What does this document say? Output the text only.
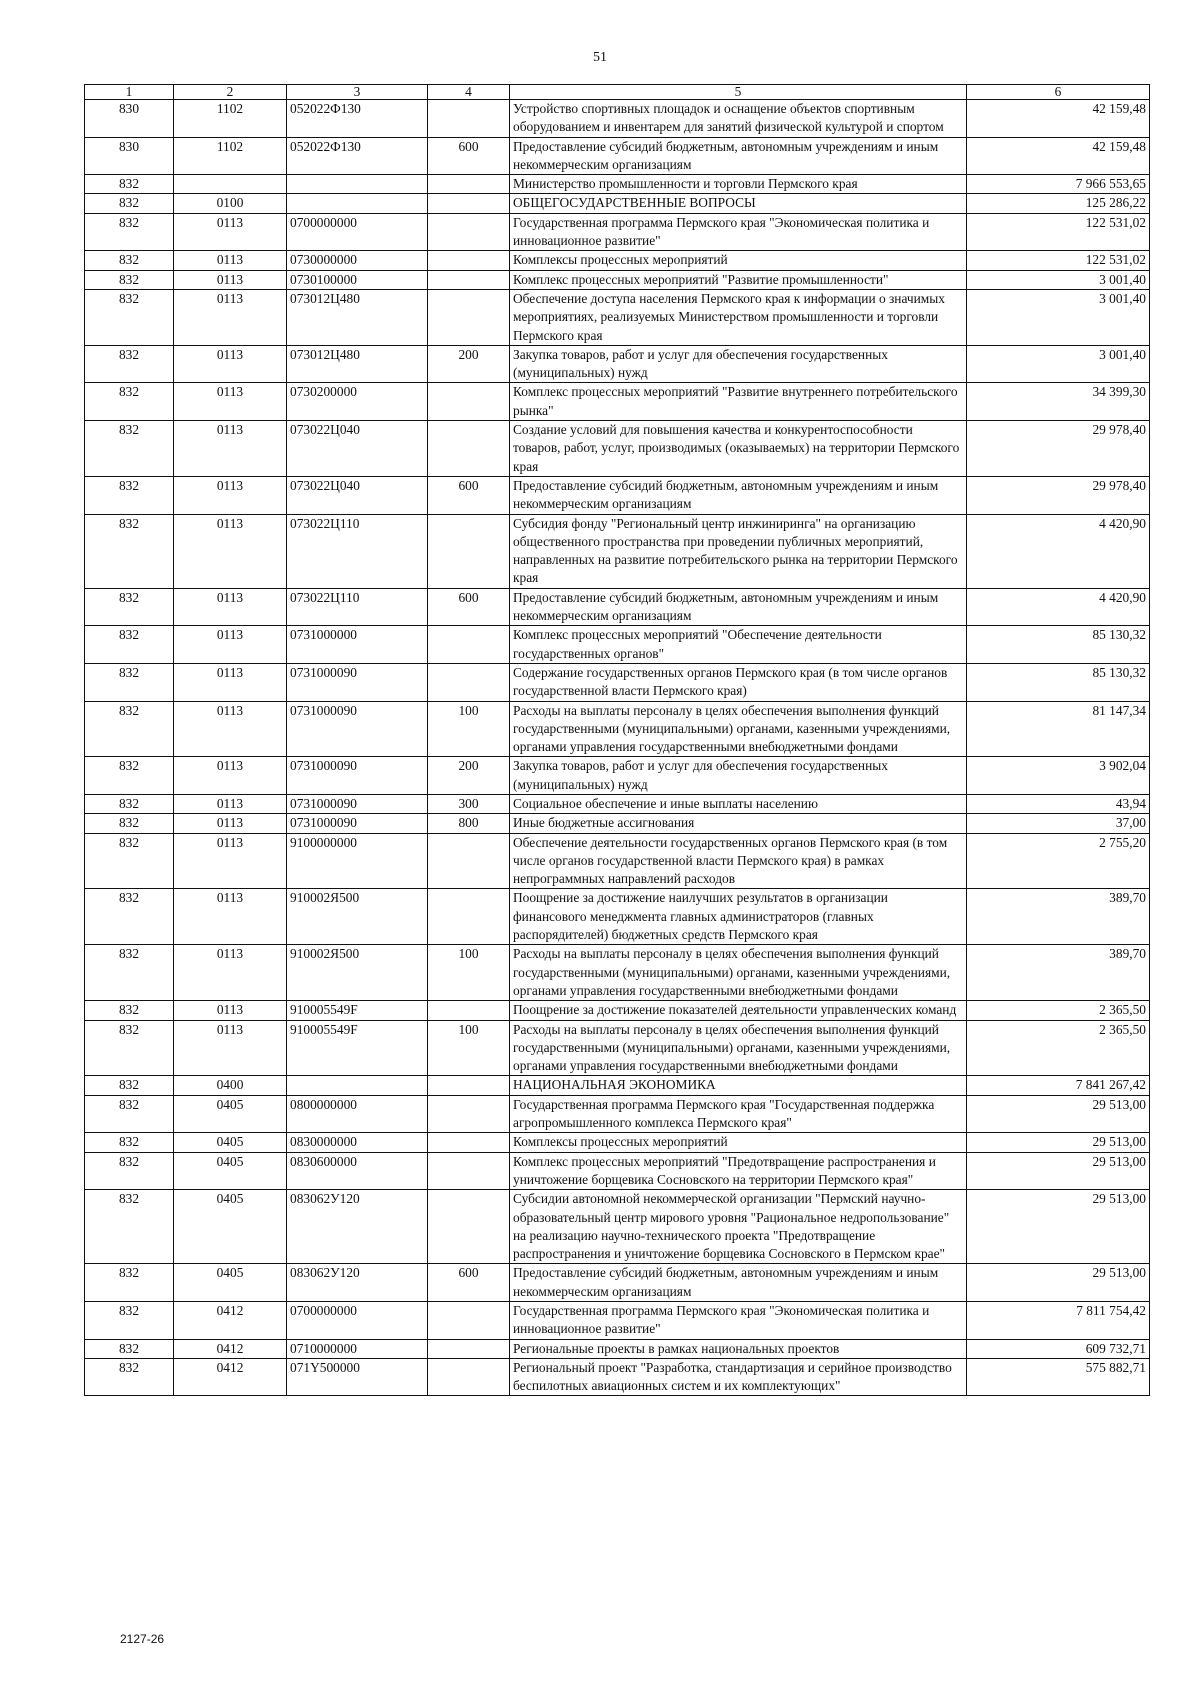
51
1	2	3	4	5	6
830	1102	052022Ф130		Устройство спортивных площадок и оснащение объектов спортивным оборудованием и инвентарем для занятий физической культурой и спортом	42 159,48
830	1102	052022Ф130	600	Предоставление субсидий бюджетным, автономным учреждениям и иным некоммерческим организациям	42 159,48
832				Министерство промышленности и торговли Пермского края	7 966 553,65
832	0100			ОБЩЕГОСУДАРСТВЕННЫЕ ВОПРОСЫ	125 286,22
832	0113	0700000000		Государственная программа Пермского края "Экономическая политика и инновационное развитие"	122 531,02
832	0113	0730000000		Комплексы процессных мероприятий	122 531,02
832	0113	0730100000		Комплекс процессных мероприятий "Развитие промышленности"	3 001,40
832	0113	073012Ц480		Обеспечение доступа населения Пермского края к информации о значимых мероприятиях, реализуемых Министерством промышленности и торговли Пермского края	3 001,40
832	0113	073012Ц480	200	Закупка товаров, работ и услуг для обеспечения государственных (муниципальных) нужд	3 001,40
832	0113	0730200000		Комплекс процессных мероприятий "Развитие внутреннего потребительского рынка"	34 399,30
832	0113	073022Ц040		Создание условий для повышения качества и конкурентоспособности товаров, работ, услуг, производимых (оказываемых) на территории Пермского края	29 978,40
832	0113	073022Ц040	600	Предоставление субсидий бюджетным, автономным учреждениям и иным некоммерческим организациям	29 978,40
832	0113	073022Ц110		Субсидия фонду "Региональный центр инжиниринга" на организацию общественного пространства при проведении публичных мероприятий, направленных на развитие потребительского рынка на территории Пермского края	4 420,90
832	0113	073022Ц110	600	Предоставление субсидий бюджетным, автономным учреждениям и иным некоммерческим организациям	4 420,90
832	0113	0731000000		Комплекс процессных мероприятий "Обеспечение деятельности государственных органов"	85 130,32
832	0113	0731000090		Содержание государственных органов Пермского края (в том числе органов государственной власти Пермского края)	85 130,32
832	0113	0731000090	100	Расходы на выплаты персоналу в целях обеспечения выполнения функций государственными (муниципальными) органами, казенными учреждениями, органами управления государственными внебюджетными фондами	81 147,34
832	0113	0731000090	200	Закупка товаров, работ и услуг для обеспечения государственных (муниципальных) нужд	3 902,04
832	0113	0731000090	300	Социальное обеспечение и иные выплаты населению	43,94
832	0113	0731000090	800	Иные бюджетные ассигнования	37,00
832	0113	9100000000		Обеспечение деятельности государственных органов Пермского края (в том числе органов государственной власти Пермского края) в рамках непрограммных направлений расходов	2 755,20
832	0113	910002Я500		Поощрение за достижение наилучших результатов в организации финансового менеджмента главных администраторов (главных распорядителей) бюджетных средств Пермского края	389,70
832	0113	910002Я500	100	Расходы на выплаты персоналу в целях обеспечения выполнения функций государственными (муниципальными) органами, казенными учреждениями, органами управления государственными внебюджетными фондами	389,70
832	0113	910005549F		Поощрение за достижение показателей деятельности управленческих команд	2 365,50
832	0113	910005549F	100	Расходы на выплаты персоналу в целях обеспечения выполнения функций государственными (муниципальными) органами, казенными учреждениями, органами управления государственными внебюджетными фондами	2 365,50
832	0400			НАЦИОНАЛЬНАЯ ЭКОНОМИКА	7 841 267,42
832	0405	0800000000		Государственная программа Пермского края "Государственная поддержка агропромышленного комплекса Пермского края"	29 513,00
832	0405	0830000000		Комплексы процессных мероприятий	29 513,00
832	0405	0830600000		Комплекс процессных мероприятий "Предотвращение распространения и уничтожение борщевика Сосновского на территории Пермского края"	29 513,00
832	0405	083062У120		Субсидии автономной некоммерческой организации "Пермский научно-образовательный центр мирового уровня "Рациональное недропользование" на реализацию научно-технического проекта "Предотвращение распространения и уничтожение борщевика Сосновского в Пермском крае"	29 513,00
832	0405	083062У120	600	Предоставление субсидий бюджетным, автономным учреждениям и иным некоммерческим организациям	29 513,00
832	0412	0700000000		Государственная программа Пермского края "Экономическая политика и инновационное развитие"	7 811 754,42
832	0412	0710000000		Региональные проекты в рамках национальных проектов	609 732,71
832	0412	071Y500000		Региональный проект "Разработка, стандартизация и серийное производство беспилотных авиационных систем и их комплектующих"	575 882,71
2127-26
